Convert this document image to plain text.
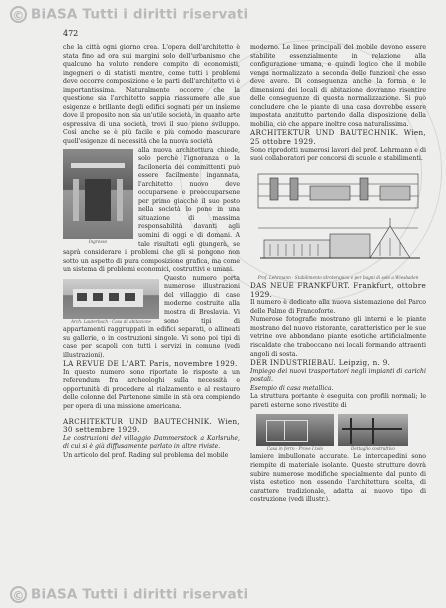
© BiASA Tutti i diritti riservati
472

che la città ogni giorno crea. L'opera dell'architetto è stata fino ad ora sui margini solo dell'urbanismo che qualcuno ha voluto rendere compito di economisti, ingegneri o di statisti mentre, come tutti i problemi deve occorre composizione e le parti dell'architetto vi è importantissima. Naturalmente occorre che la questione sia l'architetto sappia riassumere alle sue esigenze e brillante degli edifici sognati per un insieme dove il proposito non sia un'utile società, in quanto arte espressiva di una società, trovi il suo pieno sviluppo. Così anche se è più facile e più comodo mascurare quell'esigenze di necessità che la nuova società

Ingresso

alla nuova architettura chiede, solo perchè l'ignoranza o la faciloneria dei committenti può essere facilmente ingannata, l'architetto nuovo deve occuparsene e preoccuparsene per primo giacchè il suo posto nella società lo pone in una situazione di massima responsabilità davanti agli uomini di oggi e di domani. A tale risultati egli giungerà, se saprà considerare i problemi che gli si pongono non sotto un aspetto di pura composizione grafica, ma come un sistema di problemi economici, costruttivi e umani.

Arch. Lauterbach · Casa di abitazione

Questo numero porta numerose illustrazioni del villaggio di case moderne costruite alla mostra di Breslavia. Vi sono tipi di appartamenti raggruppati in edifici separati, o allineati su gallerie, o in costruzioni singole. Vi sono poi tipi di case per scapoli con tutti i servizi in comune (vedi illustrazioni).

LA REVUE DE L'ART. Paris, novembre 1929.

In questo numero sono riportate le risposte a un referendum fra archeologhi sulla necessità e opportunità di procedere al rialzamento e al restauro delle colonne del Partenone simile in stà ora compiendo per opera di una missione americana.

ARCHITEKTUR UND BAUTECHNIK. Wien, 30 settembre 1929.

Le costruzioni del villaggio Dammerstock a Karlsruhe, di cui si è già diffusamente parlato in altre riviste.

Un articolo del prof. Rading sul problema del mobile

moderno. Le linee principali del mobile devono essere stabilite essenzialmente in relazione alla configurazione umana, e quindi logico che il mobile venga normalizzato a seconda delle funzioni che esso deve avere. Di conseguenza anche la forma e le dimensioni dei locali di abitazione dovranno risentire delle conseguenze di questa normalizzazione. Si può concludere che le piante di una casa dovrebbe essere impostata anzitutto partendo dalla disposizione della mobilia, ciò che appare inoltre cosa naturalissima.

ARCHITEKTUR UND BAUTECHNIK. Wien, 25 ottobre 1929.

Sono riprodotti numerosi lavori del prof. Lehrmann e di suoi collaboratori per concorsi di scuole e stabilimenti.

Prof. Lehrmann · Stabilimento idroterapico e per bagni di sole a Wiesbaden

DAS NEUE FRANKFURT. Frankfurt, ottobre 1929.

Il numero è dedicato alla nuova sistemazione del Parco delle Palme di Francoforte.

Numerose fotografie mostrano gli interni e le piante mostrano del nuovo ristorante, caratteristico per le sue vetrine ove abbondano piante esotiche artificialmente riscaldate che traboccano nei locali formando attraenti angoli di sosta.

DER INDUSTRIEBAU. Leipzig, n. 9.

Impiego dei nuovi trasportatori negli impianti di carichi postali.

Esempio di casa metallica.

La struttura portante è eseguita con profili normali; le pareti esterne sono rivestite di

Casa in ferro · Prove I.tolo	Dettaglio costruttivo

lamiere imbullonate accurate. Le intercapedini sono riempite di materiale isolante. Queste strutture dovrà subire numerose modifiche specialmente dal punto di vista estetico non essendo l'architettura scelta, di carattere tradizionale, adatta ai nuovo tipo di costruzione (vedi illustr.).

© BiASA Tutti i diritti riservati
